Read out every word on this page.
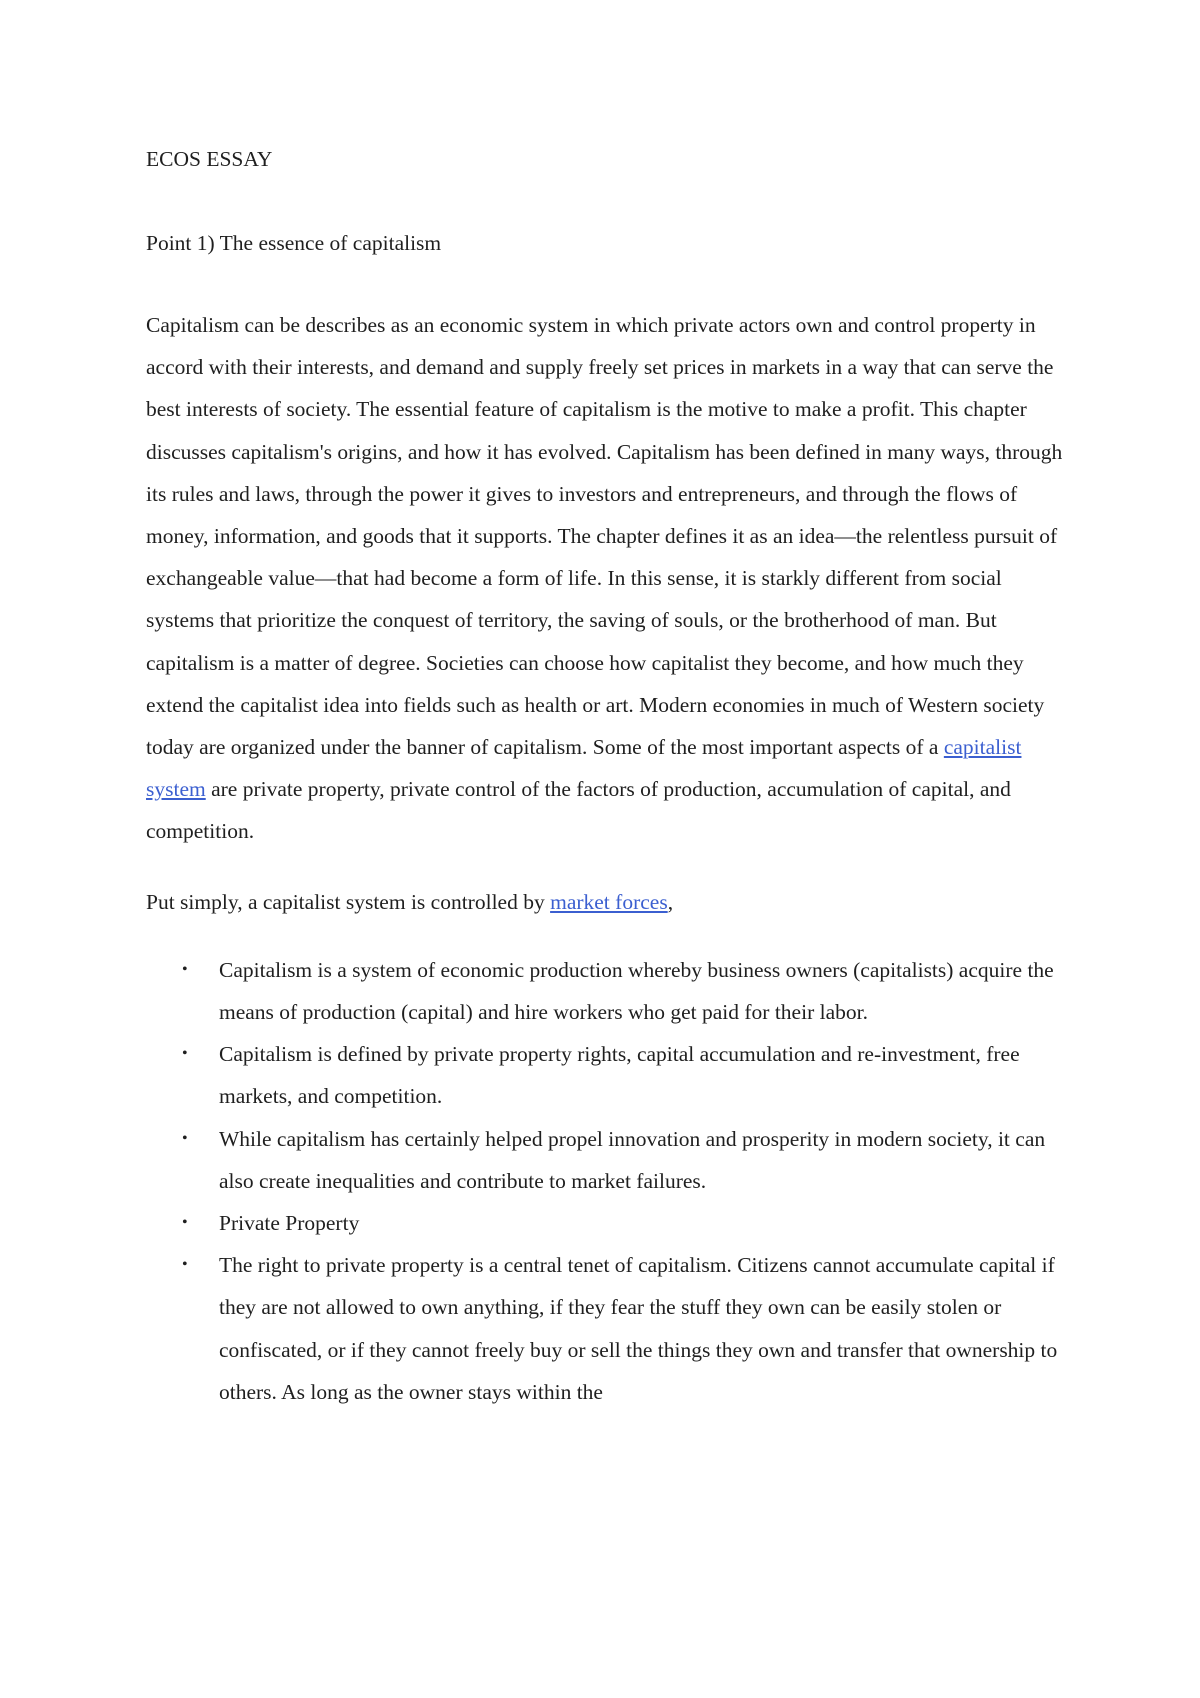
ECOS ESSAY

Point 1) The essence of capitalism

Capitalism can be describes as an economic system in which private actors own and control property in accord with their interests, and demand and supply freely set prices in markets in a way that can serve the best interests of society. The essential feature of capitalism is the motive to make a profit. This chapter discusses capitalism's origins, and how it has evolved. Capitalism has been defined in many ways, through its rules and laws, through the power it gives to investors and entrepreneurs, and through the flows of money, information, and goods that it supports. The chapter defines it as an idea—the relentless pursuit of exchangeable value—that had become a form of life. In this sense, it is starkly different from social systems that prioritize the conquest of territory, the saving of souls, or the brotherhood of man. But capitalism is a matter of degree. Societies can choose how capitalist they become, and how much they extend the capitalist idea into fields such as health or art. Modern economies in much of Western society today are organized under the banner of capitalism. Some of the most important aspects of a capitalist system are private property, private control of the factors of production, accumulation of capital, and competition.

Put simply, a capitalist system is controlled by market forces,

• Capitalism is a system of economic production whereby business owners (capitalists) acquire the means of production (capital) and hire workers who get paid for their labor.
• Capitalism is defined by private property rights, capital accumulation and re-investment, free markets, and competition.
• While capitalism has certainly helped propel innovation and prosperity in modern society, it can also create inequalities and contribute to market failures.
• Private Property
• The right to private property is a central tenet of capitalism. Citizens cannot accumulate capital if they are not allowed to own anything, if they fear the stuff they own can be easily stolen or confiscated, or if they cannot freely buy or sell the things they own and transfer that ownership to others. As long as the owner stays within the
